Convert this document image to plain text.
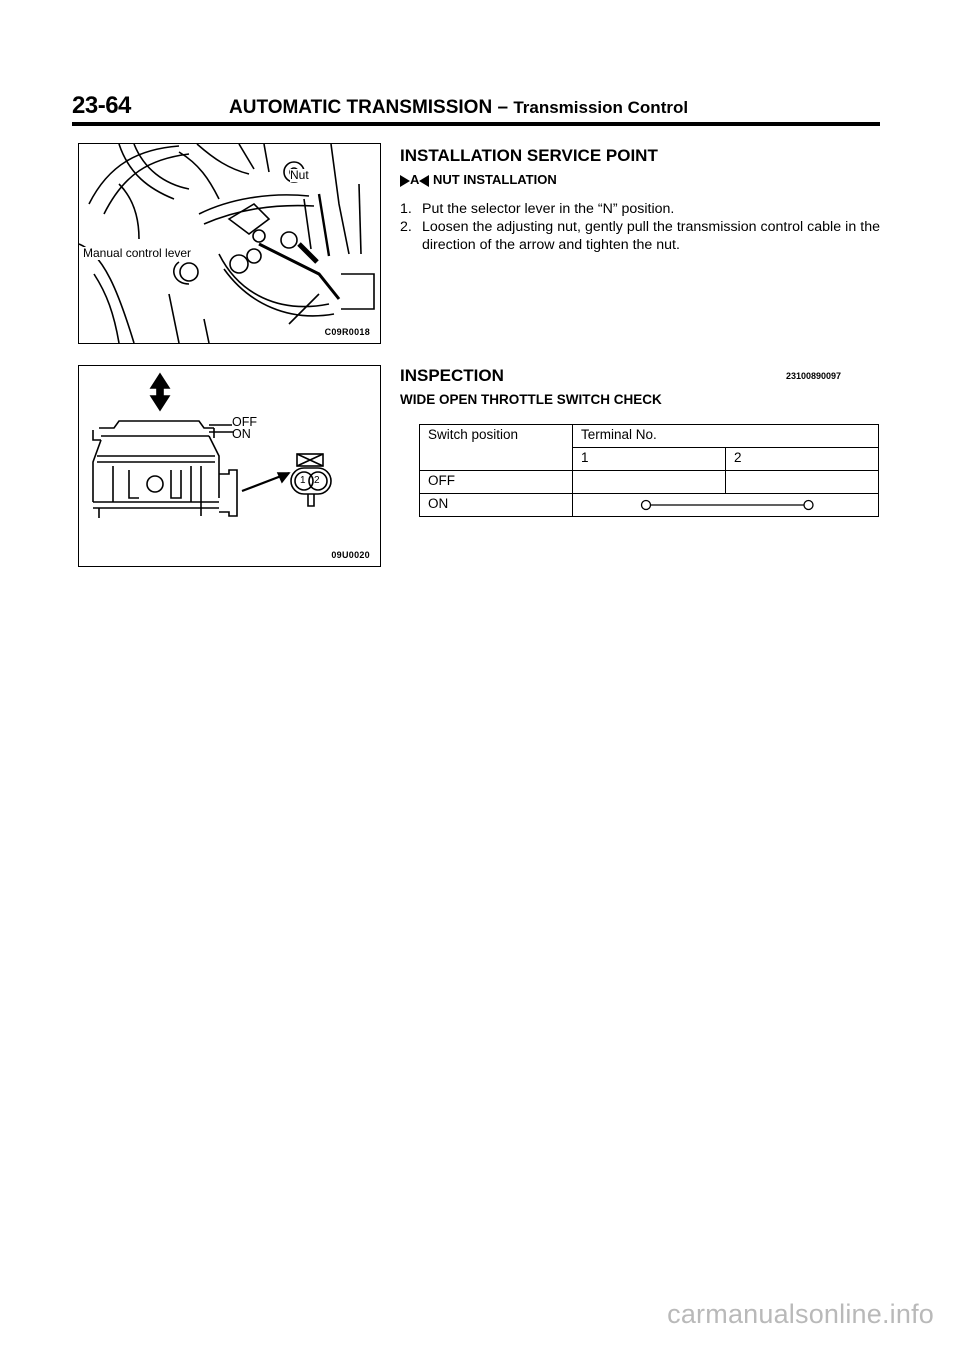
23-64	AUTOMATIC TRANSMISSION – Transmission Control
Nut
Manual control lever
C09R0018
OFF
ON
1 2
09U0020
INSTALLATION SERVICE POINT
A NUT INSTALLATION
1. Put the selector lever in the “N” position.
2. Loosen the adjusting nut, gently pull the transmission control cable in the direction of the arrow and tighten the nut.
INSPECTION	23100890097
WIDE OPEN THROTTLE SWITCH CHECK
Switch position	Terminal No.	
	1	2
OFF		
ON	
carmanualsonline.info
